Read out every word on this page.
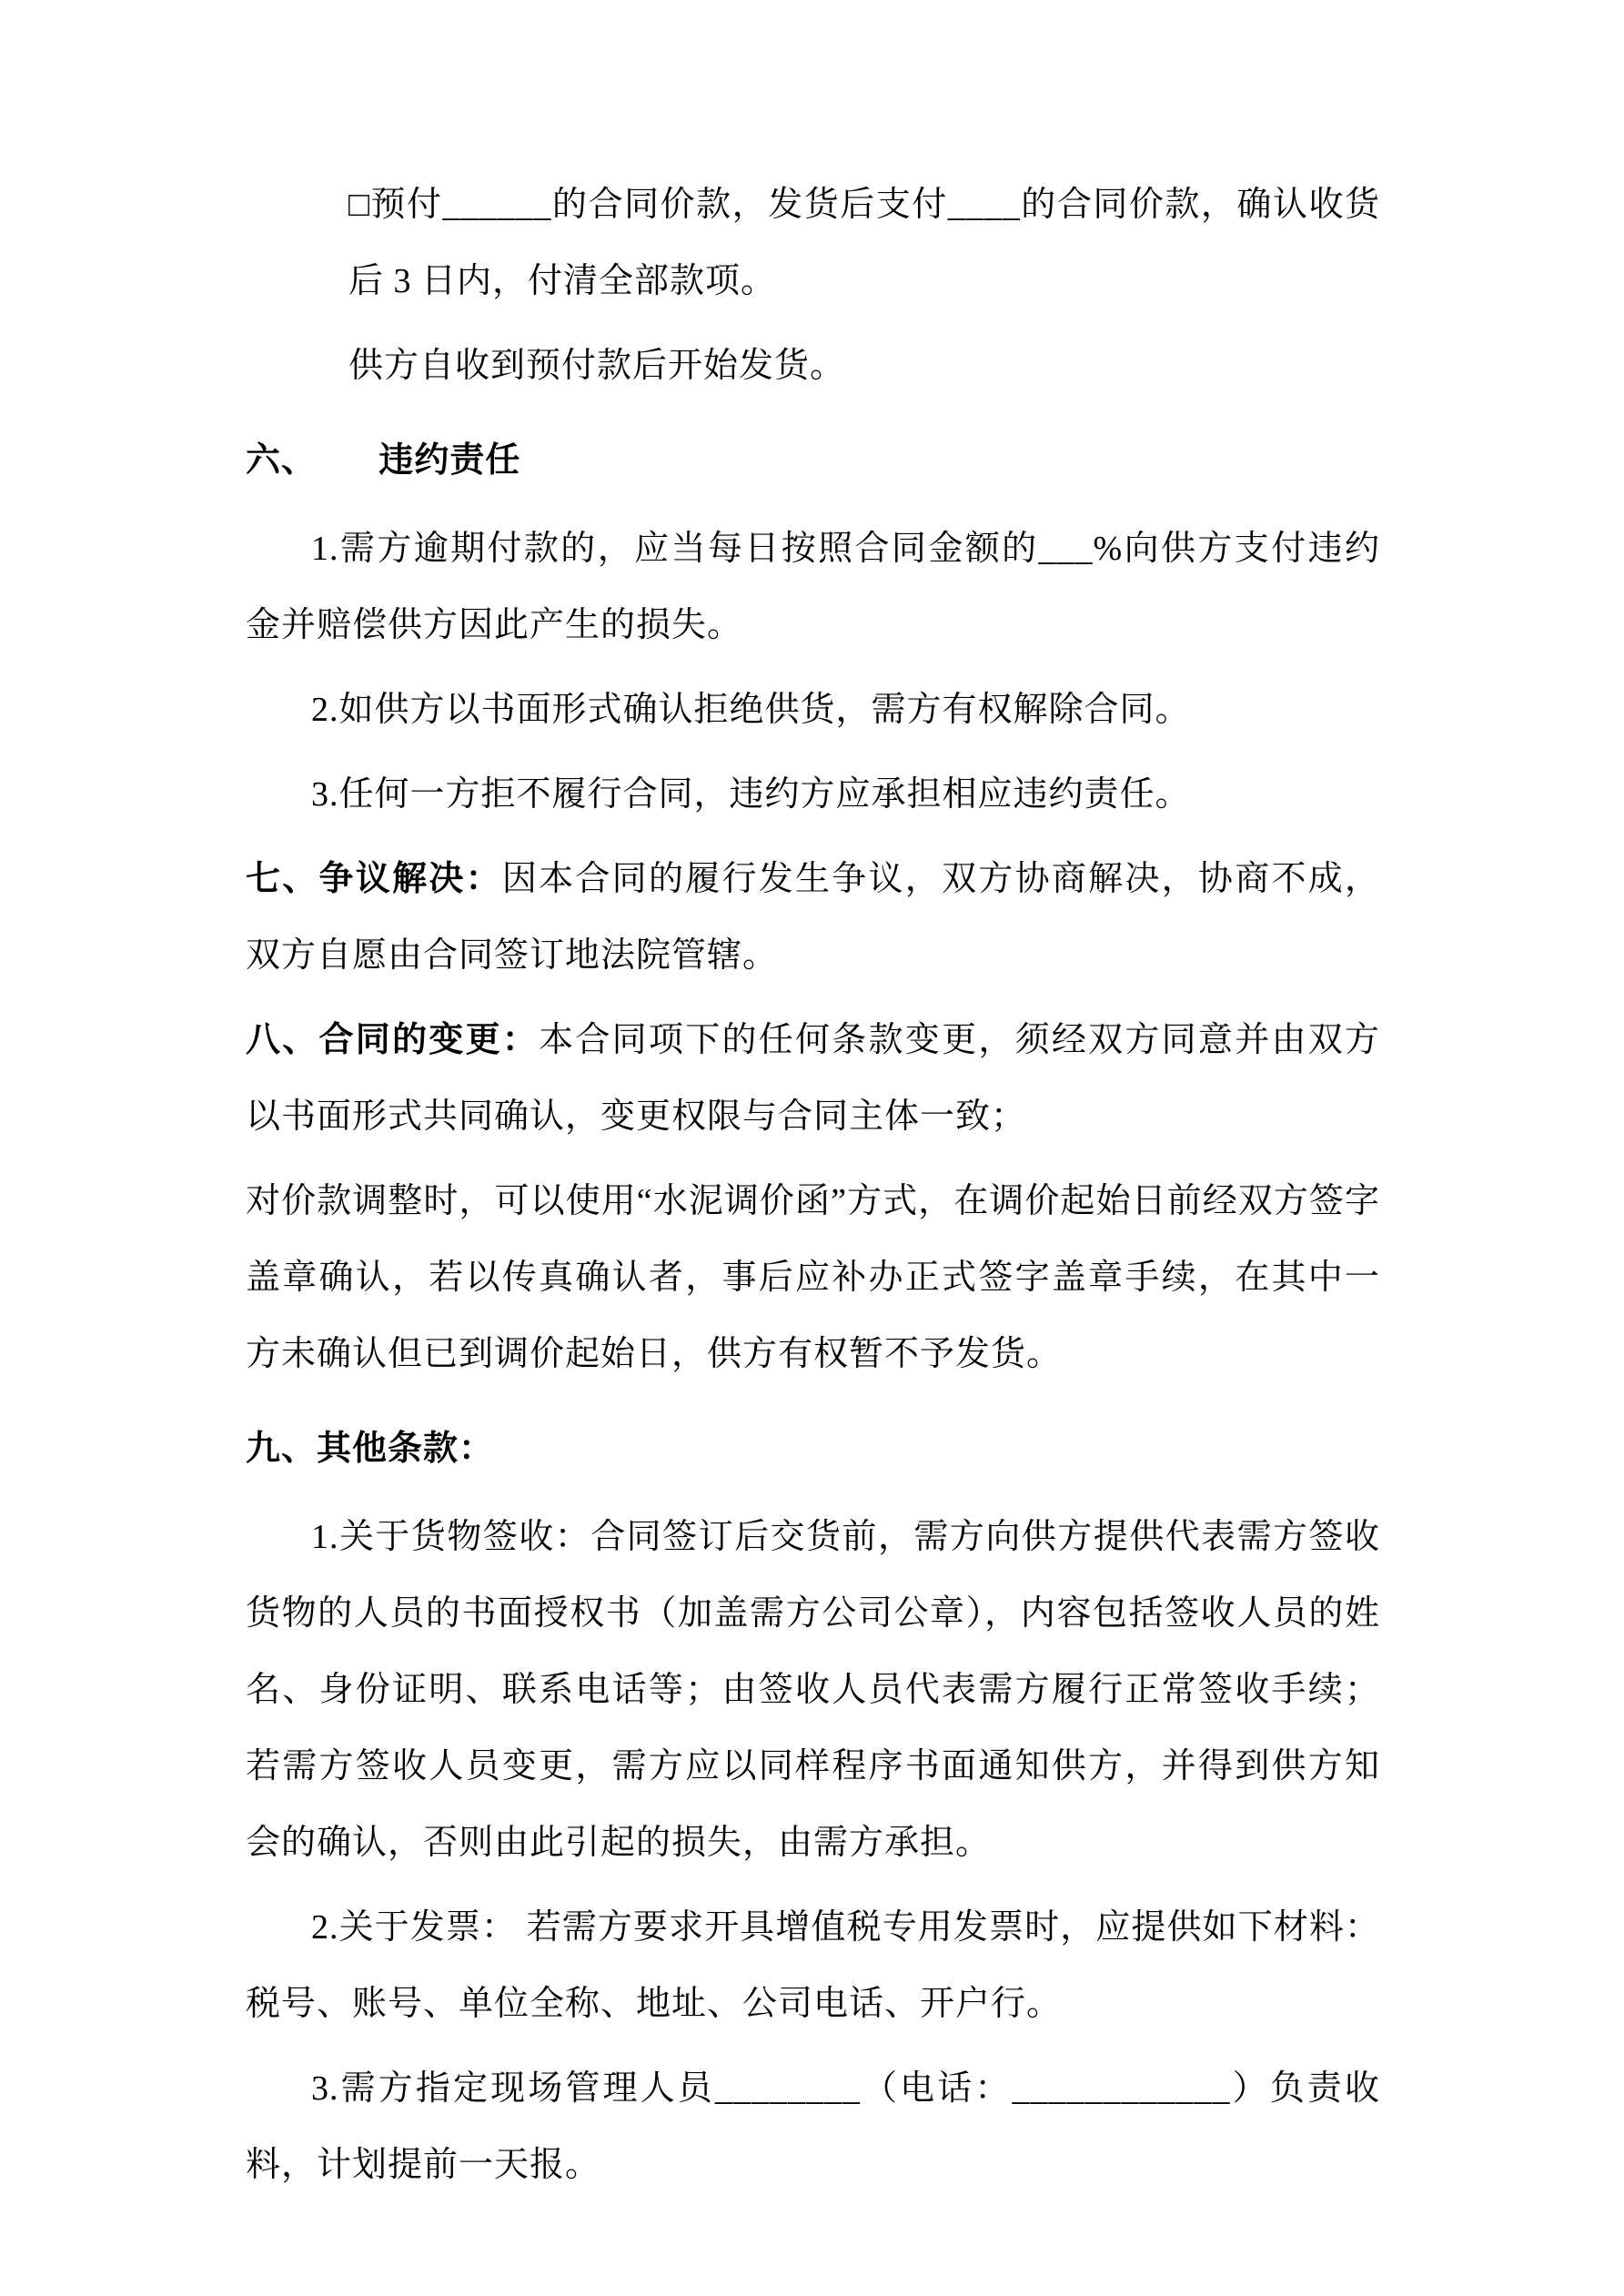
□预付______的合同价款，发货后支付____的合同价款，确认收货后 3 日内，付清全部款项。

供方自收到预付款后开始发货。

六、 违约责任

1.需方逾期付款的，应当每日按照合同金额的___%向供方支付违约金并赔偿供方因此产生的损失。

2.如供方以书面形式确认拒绝供货，需方有权解除合同。

3.任何一方拒不履行合同，违约方应承担相应违约责任。

七、争议解决：因本合同的履行发生争议，双方协商解决，协商不成，双方自愿由合同签订地法院管辖。

八、合同的变更：本合同项下的任何条款变更，须经双方同意并由双方以书面形式共同确认，变更权限与合同主体一致；

对价款调整时，可以使用“水泥调价函”方式，在调价起始日前经双方签字盖章确认，若以传真确认者，事后应补办正式签字盖章手续，在其中一方未确认但已到调价起始日，供方有权暂不予发货。

九、其他条款：

1.关于货物签收：合同签订后交货前，需方向供方提供代表需方签收货物的人员的书面授权书（加盖需方公司公章），内容包括签收人员的姓名、身份证明、联系电话等；由签收人员代表需方履行正常签收手续；若需方签收人员变更，需方应以同样程序书面通知供方，并得到供方知会的确认，否则由此引起的损失，由需方承担。

2.关于发票： 若需方要求开具增值税专用发票时，应提供如下材料：税号、账号、单位全称、地址、公司电话、开户行。

3.需方指定现场管理人员________（电话：____________）负责收料，计划提前一天报。
